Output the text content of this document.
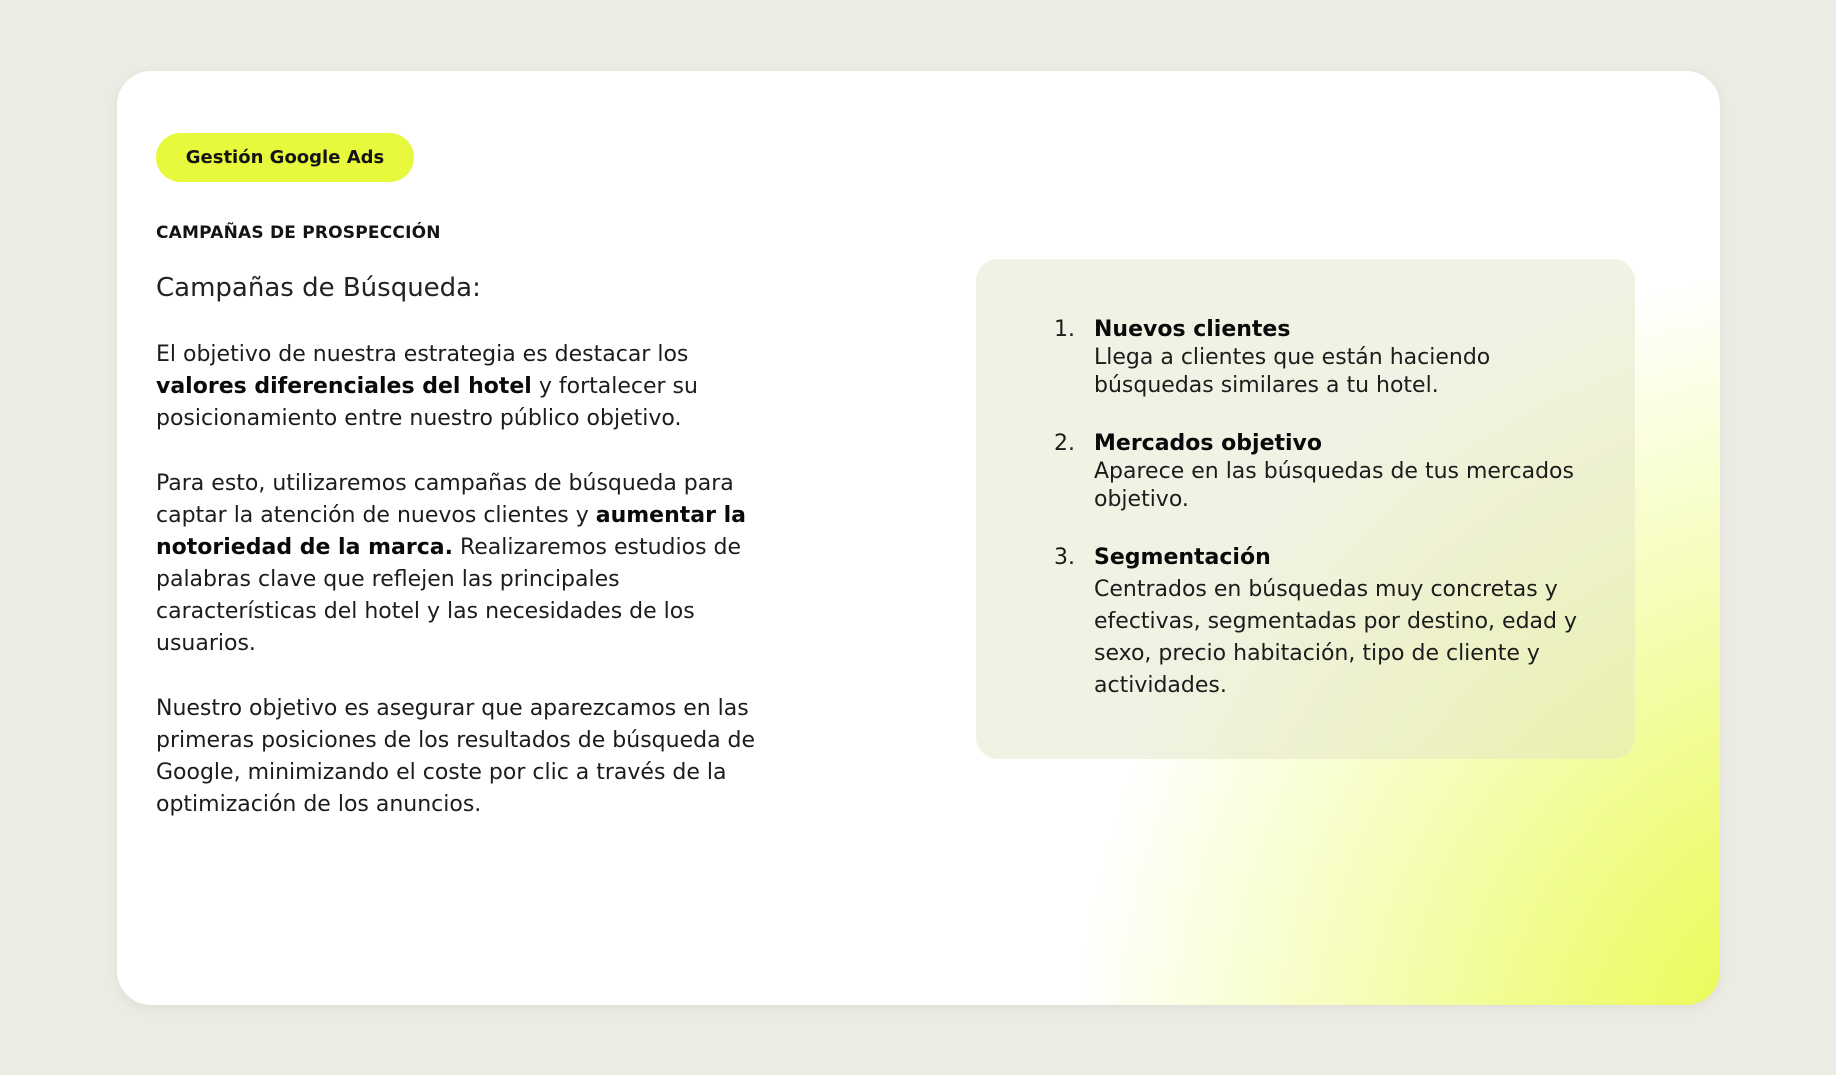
Gestión Google Ads
CAMPAÑAS DE PROSPECCIÓN
Campañas de Búsqueda:

El objetivo de nuestra estrategia es destacar los valores diferenciales del hotel y fortalecer su posicionamiento entre nuestro público objetivo.

Para esto, utilizaremos campañas de búsqueda para captar la atención de nuevos clientes y aumentar la notoriedad de la marca. Realizaremos estudios de palabras clave que reflejen las principales características del hotel y las necesidades de los usuarios.

Nuestro objetivo es asegurar que aparezcamos en las primeras posiciones de los resultados de búsqueda de Google, minimizando el coste por clic a través de la optimización de los anuncios.

1. Nuevos clientes
Llega a clientes que están haciendo búsquedas similares a tu hotel.
2. Mercados objetivo
Aparece en las búsquedas de tus mercados objetivo.
3. Segmentación
Centrados en búsquedas muy concretas y efectivas, segmentadas por destino, edad y sexo, precio habitación, tipo de cliente y actividades.
